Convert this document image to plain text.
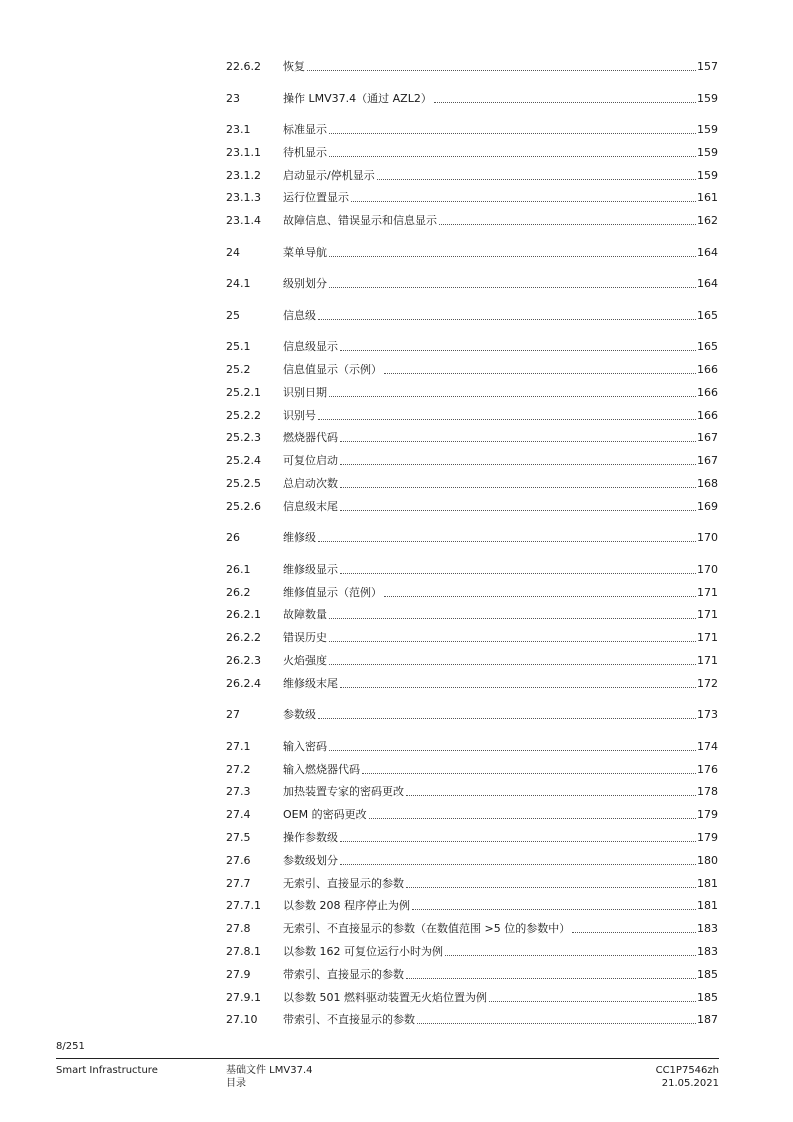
22.6.2	恢复	157
23	操作 LMV37.4（通过 AZL2）	159
23.1	标准显示	159
23.1.1	待机显示	159
23.1.2	启动显示/停机显示	159
23.1.3	运行位置显示	161
23.1.4	故障信息、错误显示和信息显示	162
24	菜单导航	164
24.1	级别划分	164
25	信息级	165
25.1	信息级显示	165
25.2	信息值显示（示例）	166
25.2.1	识别日期	166
25.2.2	识别号	166
25.2.3	燃烧器代码	167
25.2.4	可复位启动	167
25.2.5	总启动次数	168
25.2.6	信息级末尾	169
26	维修级	170
26.1	维修级显示	170
26.2	维修值显示（范例）	171
26.2.1	故障数量	171
26.2.2	错误历史	171
26.2.3	火焰强度	171
26.2.4	维修级末尾	172
27	参数级	173
27.1	输入密码	174
27.2	输入燃烧器代码	176
27.3	加热装置专家的密码更改	178
27.4	OEM 的密码更改	179
27.5	操作参数级	179
27.6	参数级划分	180
27.7	无索引、直接显示的参数	181
27.7.1	以参数 208 程序停止为例	181
27.8	无索引、不直接显示的参数（在数值范围 >5 位的参数中）	183
27.8.1	以参数 162 可复位运行小时为例	183
27.9	带索引、直接显示的参数	185
27.9.1	以参数 501 燃料驱动装置无火焰位置为例	185
27.10	带索引、不直接显示的参数	187
8/251
Smart Infrastructure	基础文件 LMV37.4
目录
CC1P7546zh
21.05.2021
